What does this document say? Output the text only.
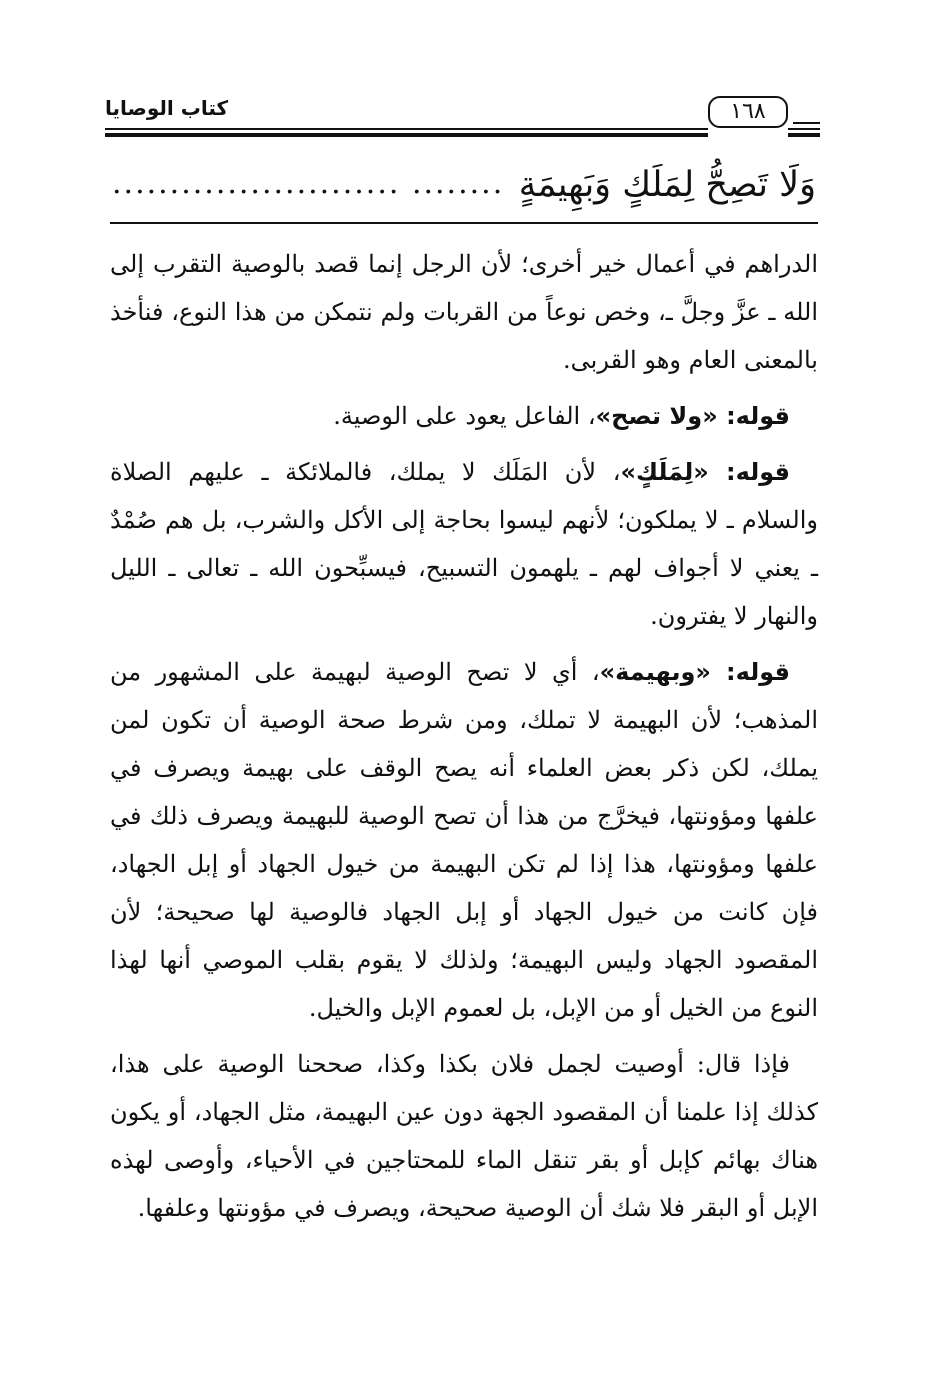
كتاب الوصايا	١٦٨
وَلَا تَصِحُّ لِمَلَكٍ وَبَهِيمَةٍ
......................... ........

الدراهم في أعمال خير أخرى؛ لأن الرجل إنما قصد بالوصية التقرب إلى الله ـ عزَّ وجلَّ ـ، وخص نوعاً من القربات ولم نتمكن من هذا النوع، فنأخذ بالمعنى العام وهو القربى.

قوله: «ولا تصح»، الفاعل يعود على الوصية.

قوله: «لِمَلَكٍ»، لأن المَلَك لا يملك، فالملائكة ـ عليهم الصلاة والسلام ـ لا يملكون؛ لأنهم ليسوا بحاجة إلى الأكل والشرب، بل هم صُمْدٌ ـ يعني لا أجواف لهم ـ يلهمون التسبيح، فيسبِّحون الله ـ تعالى ـ الليل والنهار لا يفترون.

قوله: «وبهيمة»، أي لا تصح الوصية لبهيمة على المشهور من المذهب؛ لأن البهيمة لا تملك، ومن شرط صحة الوصية أن تكون لمن يملك، لكن ذكر بعض العلماء أنه يصح الوقف على بهيمة ويصرف في علفها ومؤونتها، فيخرَّج من هذا أن تصح الوصية للبهيمة ويصرف ذلك في علفها ومؤونتها، هذا إذا لم تكن البهيمة من خيول الجهاد أو إبل الجهاد، فإن كانت من خيول الجهاد أو إبل الجهاد فالوصية لها صحيحة؛ لأن المقصود الجهاد وليس البهيمة؛ ولذلك لا يقوم بقلب الموصي أنها لهذا النوع من الخيل أو من الإبل، بل لعموم الإبل والخيل.

فإذا قال: أوصيت لجمل فلان بكذا وكذا، صححنا الوصية على هذا، كذلك إذا علمنا أن المقصود الجهة دون عين البهيمة، مثل الجهاد، أو يكون هناك بهائم كإبل أو بقر تنقل الماء للمحتاجين في الأحياء، وأوصى لهذه الإبل أو البقر فلا شك أن الوصية صحيحة، ويصرف في مؤونتها وعلفها.
